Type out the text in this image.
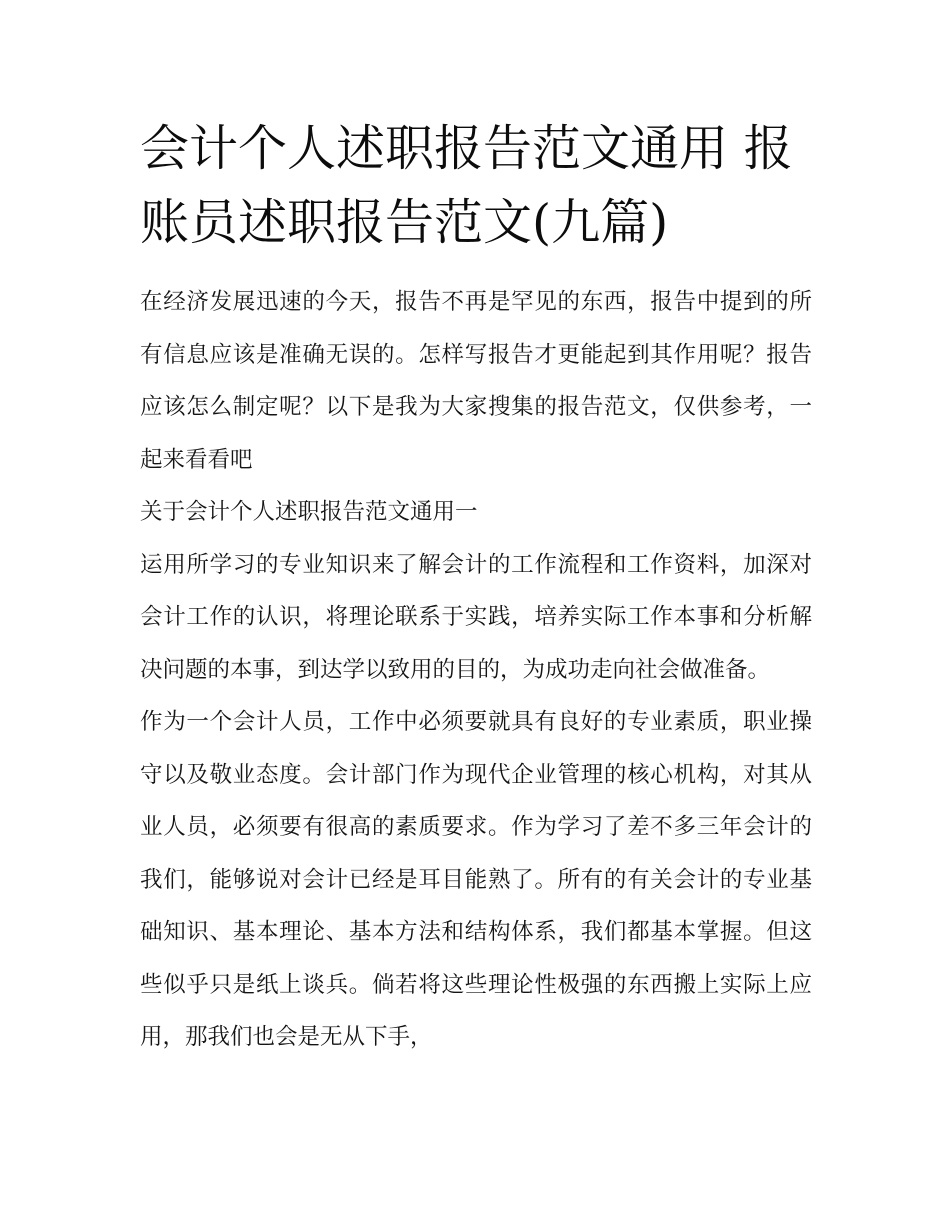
会计个人述职报告范文通用 报账员述职报告范文(九篇)

在经济发展迅速的今天，报告不再是罕见的东西，报告中提到的所有信息应该是准确无误的。怎样写报告才更能起到其作用呢？报告应该怎么制定呢？以下是我为大家搜集的报告范文，仅供参考，一起来看看吧

关于会计个人述职报告范文通用一

运用所学习的专业知识来了解会计的工作流程和工作资料，加深对会计工作的认识，将理论联系于实践，培养实际工作本事和分析解决问题的本事，到达学以致用的目的，为成功走向社会做准备。

作为一个会计人员，工作中必须要就具有良好的专业素质，职业操守以及敬业态度。会计部门作为现代企业管理的核心机构，对其从业人员，必须要有很高的素质要求。作为学习了差不多三年会计的我们，能够说对会计已经是耳目能熟了。所有的有关会计的专业基础知识、基本理论、基本方法和结构体系，我们都基本掌握。但这些似乎只是纸上谈兵。倘若将这些理论性极强的东西搬上实际上应用，那我们也会是无从下手，
